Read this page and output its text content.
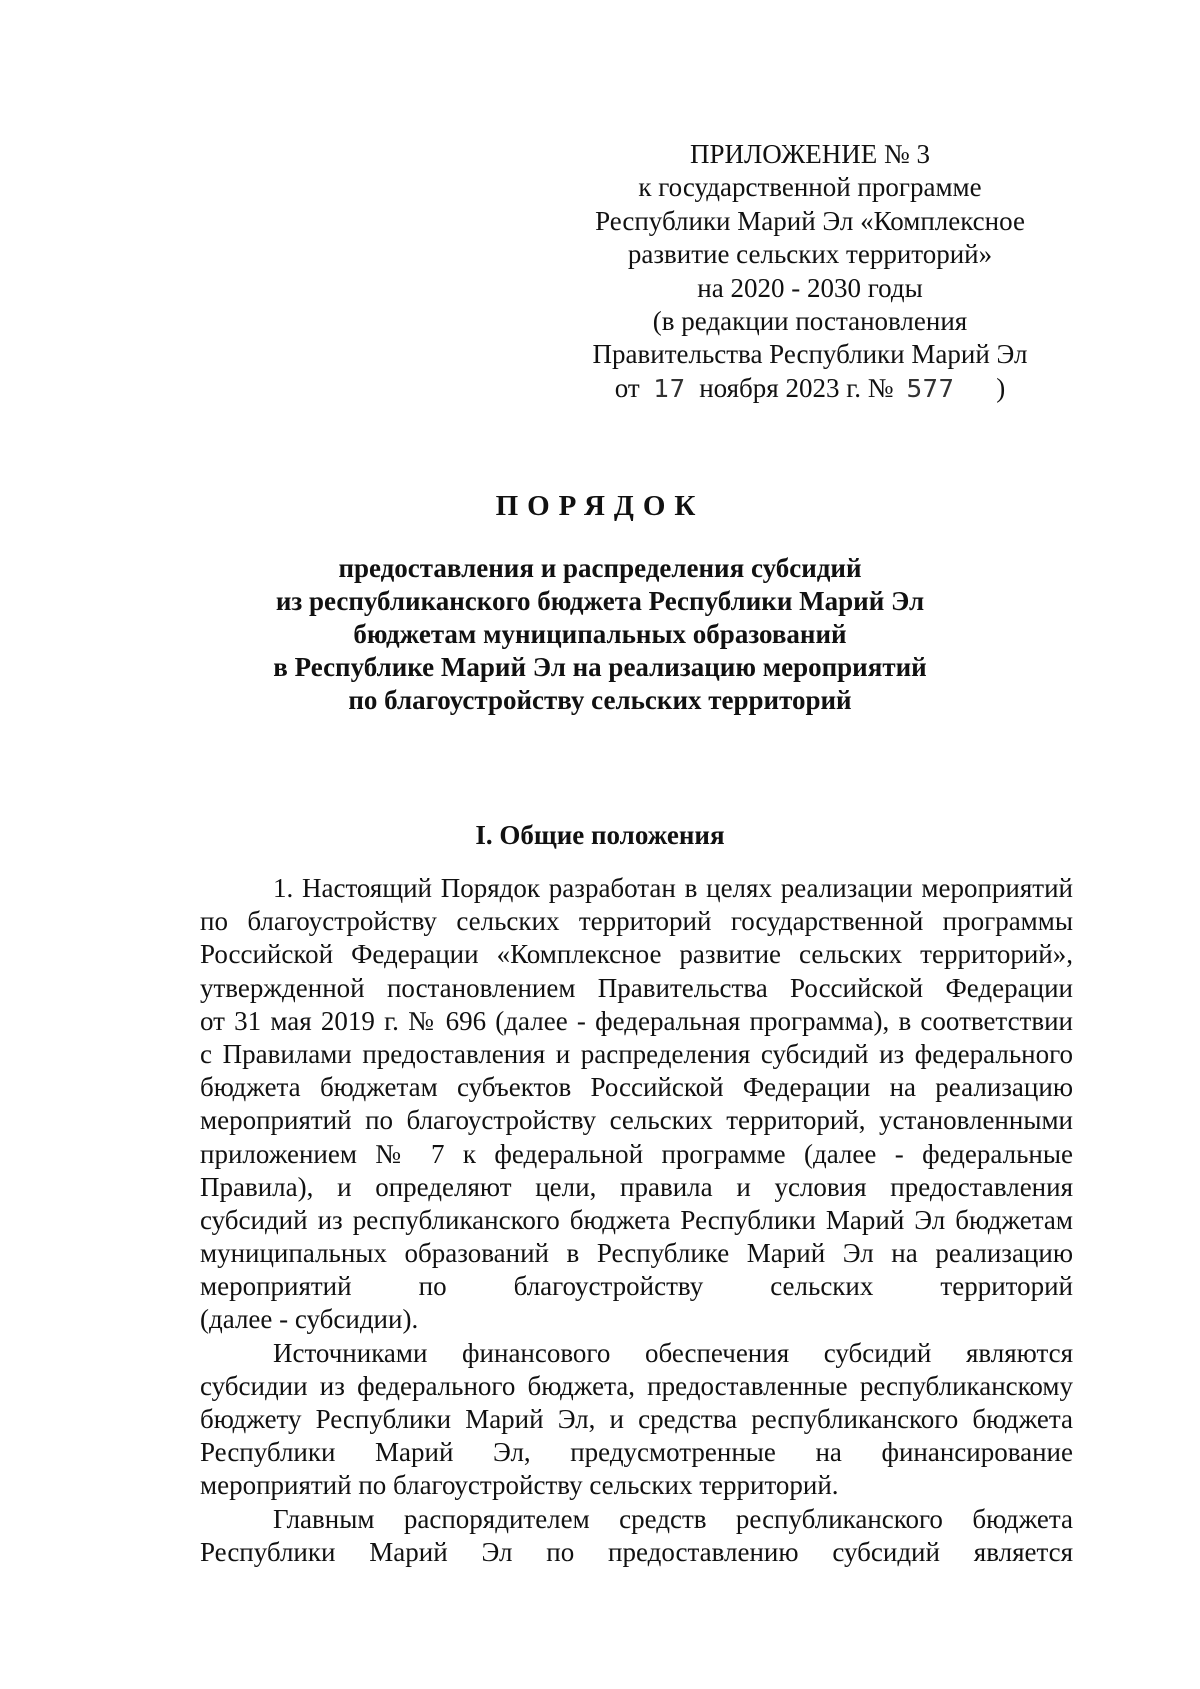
ПРИЛОЖЕНИЕ № 3
к государственной программе
Республики Марий Эл «Комплексное
развитие сельских территорий»
на 2020 - 2030 годы
(в редакции постановления
Правительства Республики Марий Эл
от 17 ноября 2023 г. № 577 )
ПОРЯДОК
предоставления и распределения субсидий
из республиканского бюджета Республики Марий Эл
бюджетам муниципальных образований
в Республике Марий Эл на реализацию мероприятий
по благоустройству сельских территорий
I. Общие положения
1. Настоящий Порядок разработан в целях реализации мероприятий
по благоустройству сельских территорий государственной программы
Российской Федерации «Комплексное развитие сельских территорий»,
утвержденной постановлением Правительства Российской Федерации
от 31 мая 2019 г. № 696 (далее - федеральная программа), в соответствии
с Правилами предоставления и распределения субсидий из федерального
бюджета бюджетам субъектов Российской Федерации на реализацию
мероприятий по благоустройству сельских территорий, установленными
приложением № 7 к федеральной программе (далее - федеральные
Правила), и определяют цели, правила и условия предоставления
субсидий из республиканского бюджета Республики Марий Эл бюджетам
муниципальных образований в Республике Марий Эл на реализацию
мероприятий по благоустройству сельских территорий
(далее - субсидии).
Источниками финансового обеспечения субсидий являются
субсидии из федерального бюджета, предоставленные республиканскому
бюджету Республики Марий Эл, и средства республиканского бюджета
Республики Марий Эл, предусмотренные на финансирование
мероприятий по благоустройству сельских территорий.
Главным распорядителем средств республиканского бюджета
Республики Марий Эл по предоставлению субсидий является
